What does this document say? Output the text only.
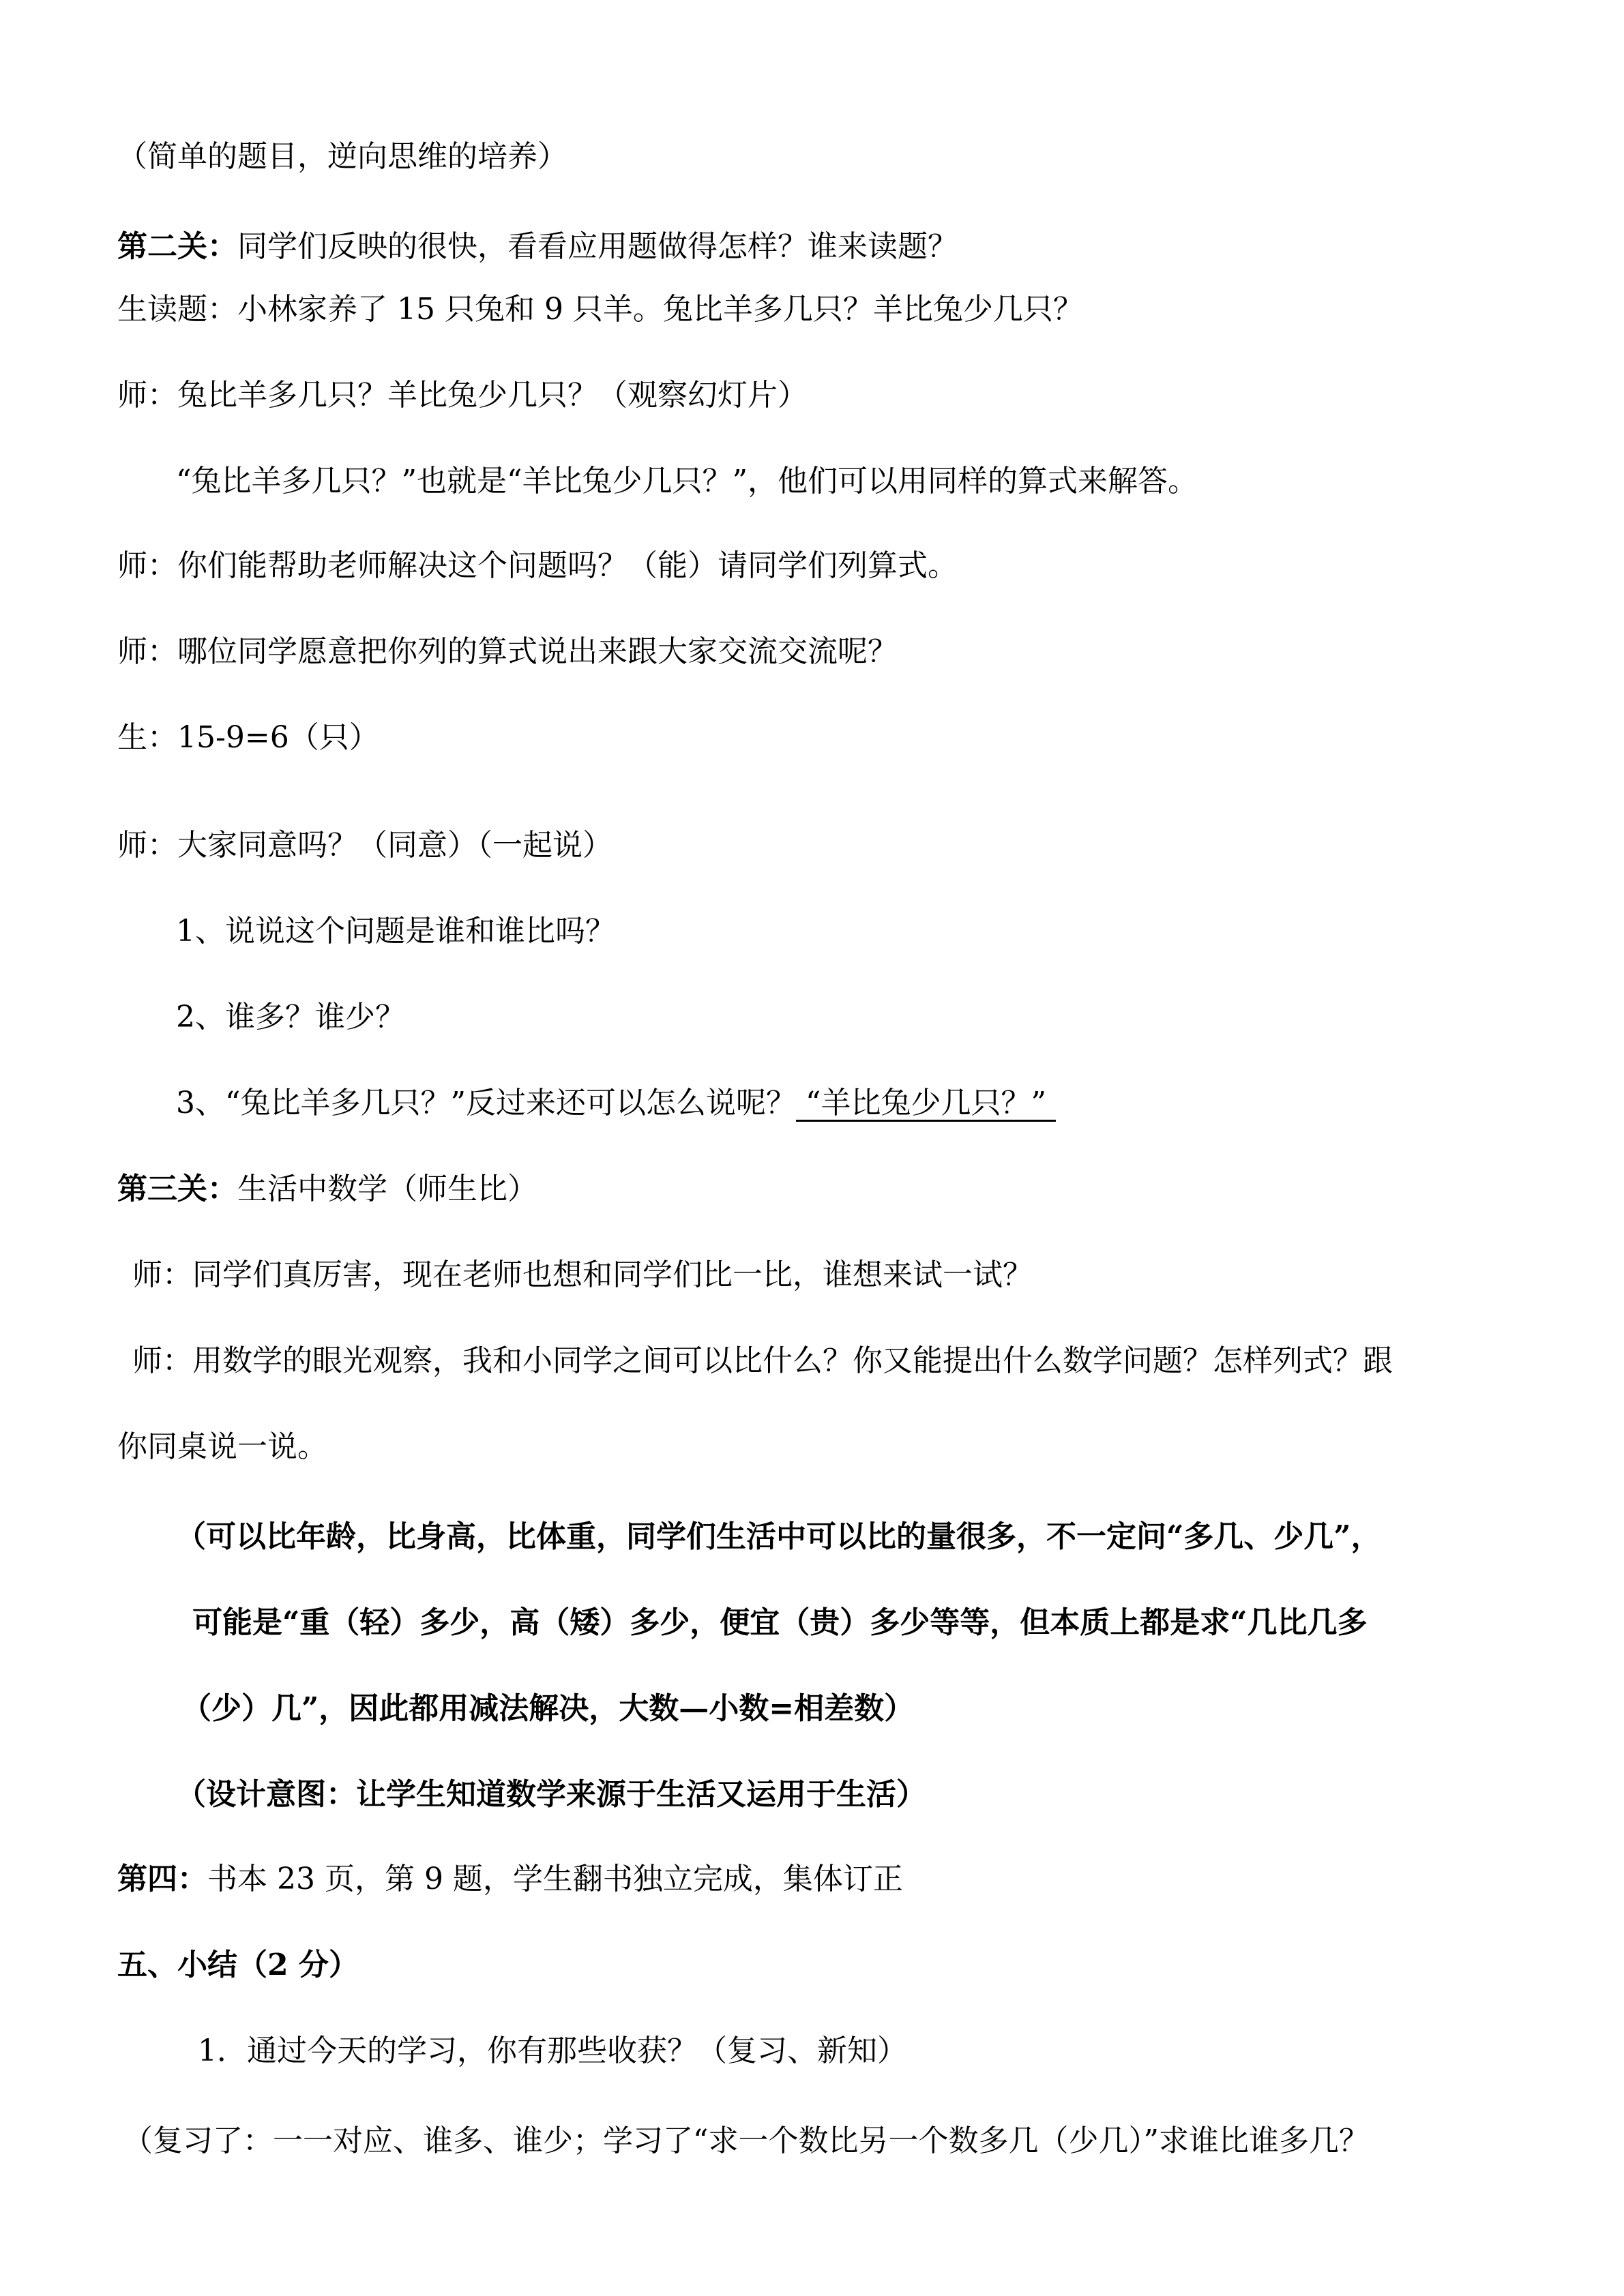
（简单的题目，逆向思维的培养）
第二关：同学们反映的很快，看看应用题做得怎样？谁来读题？
生读题：小林家养了 15 只兔和 9 只羊。兔比羊多几只？羊比兔少几只？
师：兔比羊多几只？羊比兔少几只？（观察幻灯片）
“兔比羊多几只？”也就是“羊比兔少几只？”，他们可以用同样的算式来解答。
师：你们能帮助老师解决这个问题吗？（能）请同学们列算式。
师：哪位同学愿意把你列的算式说出来跟大家交流交流呢？
生：15-9=6（只）
师：大家同意吗？（同意）（一起说）
1、说说这个问题是谁和谁比吗？
2、谁多？谁少？
3、“兔比羊多几只？”反过来还可以怎么说呢？ “羊比兔少几只？”
第三关：生活中数学（师生比）
师：同学们真厉害，现在老师也想和同学们比一比，谁想来试一试？
师：用数学的眼光观察，我和小同学之间可以比什么？你又能提出什么数学问题？怎样列式？跟
你同桌说一说。
（可以比年龄，比身高，比体重，同学们生活中可以比的量很多，不一定问“多几、少几”，
可能是“重（轻）多少，高（矮）多少，便宜（贵）多少等等，但本质上都是求“几比几多
（少）几”，因此都用减法解决，大数—小数=相差数）
（设计意图：让学生知道数学来源于生活又运用于生活）
第四：书本 23 页，第 9 题，学生翻书独立完成，集体订正
五、小结（2 分）
1．通过今天的学习，你有那些收获？（复习、新知）
（复习了：一一对应、谁多、谁少；学习了“求一个数比另一个数多几（少几）”求谁比谁多几？
